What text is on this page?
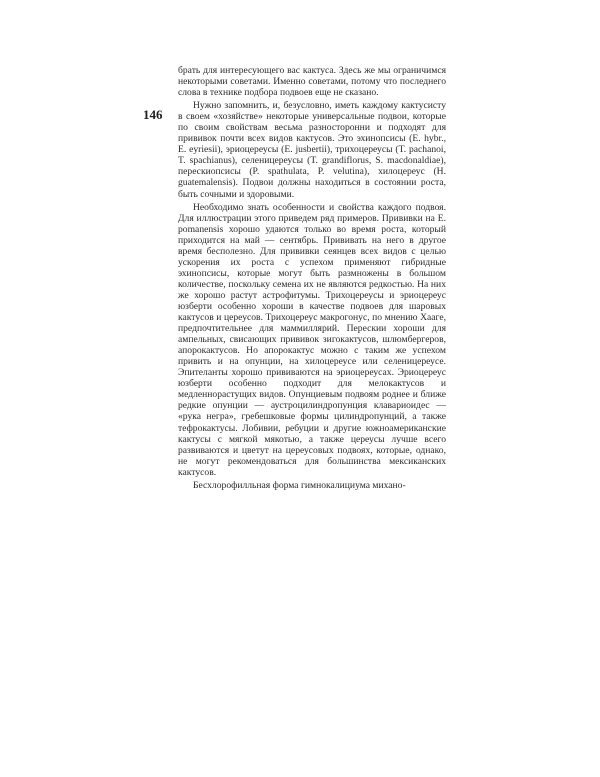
146

брать для интересующего вас кактуса. Здесь же мы ограничимся некоторыми советами. Именно советами, потому что последнего слова в технике подбора подвоев еще не сказано.

Нужно запомнить, и, безусловно, иметь каждому кактусисту в своем «хозяйстве» некоторые универсальные подвои, которые по своим свойствам весьма разносторонни и подходят для прививок почти всех видов кактусов. Это эхинопсисы (E. hybr., E. eyriesii), эриоцереусы (E. jusbertii), трихоцереусы (T. pachanoi, T. spachianus), селеницереусы (T. grandiflorus, S. macdonaldiae), перескиопсисы (P. spathulata, P. velutina), хилоцереус (H. guatemalensis). Подвои должны находиться в состоянии роста, быть сочными и здоровыми.

Необходимо знать особенности и свойства каждого подвоя. Для иллюстрации этого приведем ряд примеров. Прививки на E. pomanensis хорошо удаются только во время роста, который приходится на май — сентябрь. Прививать на него в другое время бесполезно. Для прививки сеянцев всех видов с целью ускорения их роста с успехом применяют гибридные эхинопсисы, которые могут быть размножены в большом количестве, поскольку семена их не являются редкостью. На них же хорошо растут астрофитумы. Трихоцереусы и эриоцереус юзберти особенно хороши в качестве подвоев для шаровых кактусов и цереусов. Трихоцереус макрогонус, по мнению Хааге, предпочтительнее для маммиллярий. Перескии хороши для ампельных, свисающих прививок зигокактусов, шлюмбергеров, апорокактусов. Но апорокактус можно с таким же успехом привить и на опунции, на хилоцереусе или селеницереусе. Эпителанты хорошо прививаются на эриоцереусах. Эриоцереус юзберти особенно подходит для мелокактусов и медленнорастущих видов. Опунциевым подвоям роднее и ближе редкие опунции — аустроцилиндропунция клавариоидес — «рука негра», гребешковые формы цилиндропунций, а также тефрокактусы. Лобивии, ребуции и другие южноамериканские кактусы с мягкой мякотью, а также цереусы лучше всего развиваются и цветут на цереусовых подвоях, которые, однако, не могут рекомендоваться для большинства мексиканских кактусов.

Бесхлорофилльная форма гимнокалициума михано-
